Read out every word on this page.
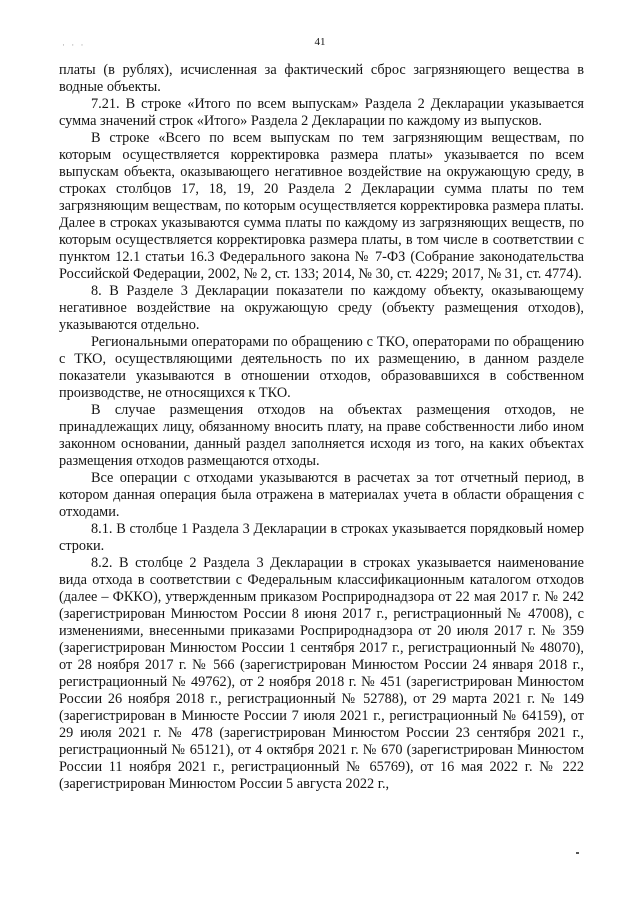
· · ·	41

платы (в рублях), исчисленная за фактический сброс загрязняющего вещества в водные объекты.

7.21. В строке «Итого по всем выпускам» Раздела 2 Декларации указывается сумма значений строк «Итого» Раздела 2 Декларации по каждому из выпусков.

В строке «Всего по всем выпускам по тем загрязняющим веществам, по которым осуществляется корректировка размера платы» указывается по всем выпускам объекта, оказывающего негативное воздействие на окружающую среду, в строках столбцов 17, 18, 19, 20 Раздела 2 Декларации сумма платы по тем загрязняющим веществам, по которым осуществляется корректировка размера платы. Далее в строках указываются сумма платы по каждому из загрязняющих веществ, по которым осуществляется корректировка размера платы, в том числе в соответствии с пунктом 12.1 статьи 16.3 Федерального закона № 7-ФЗ (Собрание законодательства Российской Федерации, 2002, № 2, ст. 133; 2014, № 30, ст. 4229; 2017, № 31, ст. 4774).

8. В Разделе 3 Декларации показатели по каждому объекту, оказывающему негативное воздействие на окружающую среду (объекту размещения отходов), указываются отдельно.

Региональными операторами по обращению с ТКО, операторами по обращению с ТКО, осуществляющими деятельность по их размещению, в данном разделе показатели указываются в отношении отходов, образовавшихся в собственном производстве, не относящихся к ТКО.

В случае размещения отходов на объектах размещения отходов, не принадлежащих лицу, обязанному вносить плату, на праве собственности либо ином законном основании, данный раздел заполняется исходя из того, на каких объектах размещения отходов размещаются отходы.

Все операции с отходами указываются в расчетах за тот отчетный период, в котором данная операция была отражена в материалах учета в области обращения с отходами.

8.1. В столбце 1 Раздела 3 Декларации в строках указывается порядковый номер строки.

8.2. В столбце 2 Раздела 3 Декларации в строках указывается наименование вида отхода в соответствии с Федеральным классификационным каталогом отходов (далее – ФККО), утвержденным приказом Росприроднадзора от 22 мая 2017 г. № 242 (зарегистрирован Минюстом России 8 июня 2017 г., регистрационный № 47008), с изменениями, внесенными приказами Росприроднадзора от 20 июля 2017 г. № 359 (зарегистрирован Минюстом России 1 сентября 2017 г., регистрационный № 48070), от 28 ноября 2017 г. № 566 (зарегистрирован Минюстом России 24 января 2018 г., регистрационный № 49762), от 2 ноября 2018 г. № 451 (зарегистрирован Минюстом России 26 ноября 2018 г., регистрационный № 52788), от 29 марта 2021 г. № 149 (зарегистрирован в Минюсте России 7 июля 2021 г., регистрационный № 64159), от 29 июля 2021 г. № 478 (зарегистрирован Минюстом России 23 сентября 2021 г., регистрационный № 65121), от 4 октября 2021 г. № 670 (зарегистрирован Минюстом России 11 ноября 2021 г., регистрационный № 65769), от 16 мая 2022 г. № 222 (зарегистрирован Минюстом России 5 августа 2022 г.,
